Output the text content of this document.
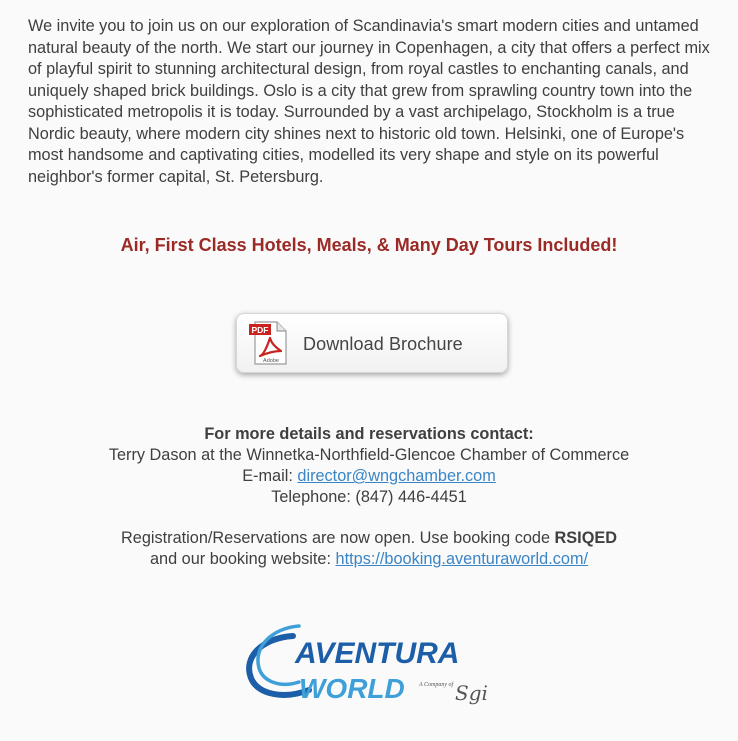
We invite you to join us on our exploration of Scandinavia's smart modern cities and untamed natural beauty of the north. We start our journey in Copenhagen, a city that offers a perfect mix of playful spirit to stunning architectural design, from royal castles to enchanting canals, and uniquely shaped brick buildings. Oslo is a city that grew from sprawling country town into the sophisticated metropolis it is today. Surrounded by a vast archipelago, Stockholm is a true Nordic beauty, where modern city shines next to historic old town. Helsinki, one of Europe's most handsome and captivating cities, modelled its very shape and style on its powerful neighbor's former capital, St. Petersburg.

Air, First Class Hotels, Meals, & Many Day Tours Included!
PDF
Adobe
Download Brochure
For more details and reservations contact:
Terry Dason at the Winnetka-Northfield-Glencoe Chamber of Commerce
E-mail: director@wngchamber.com
Telephone: (847) 446-4451
Registration/Reservations are now open. Use booking code RSIQED
and our booking website: https://booking.aventuraworld.com/
AVENTURA
WORLD A Company of Sgi
